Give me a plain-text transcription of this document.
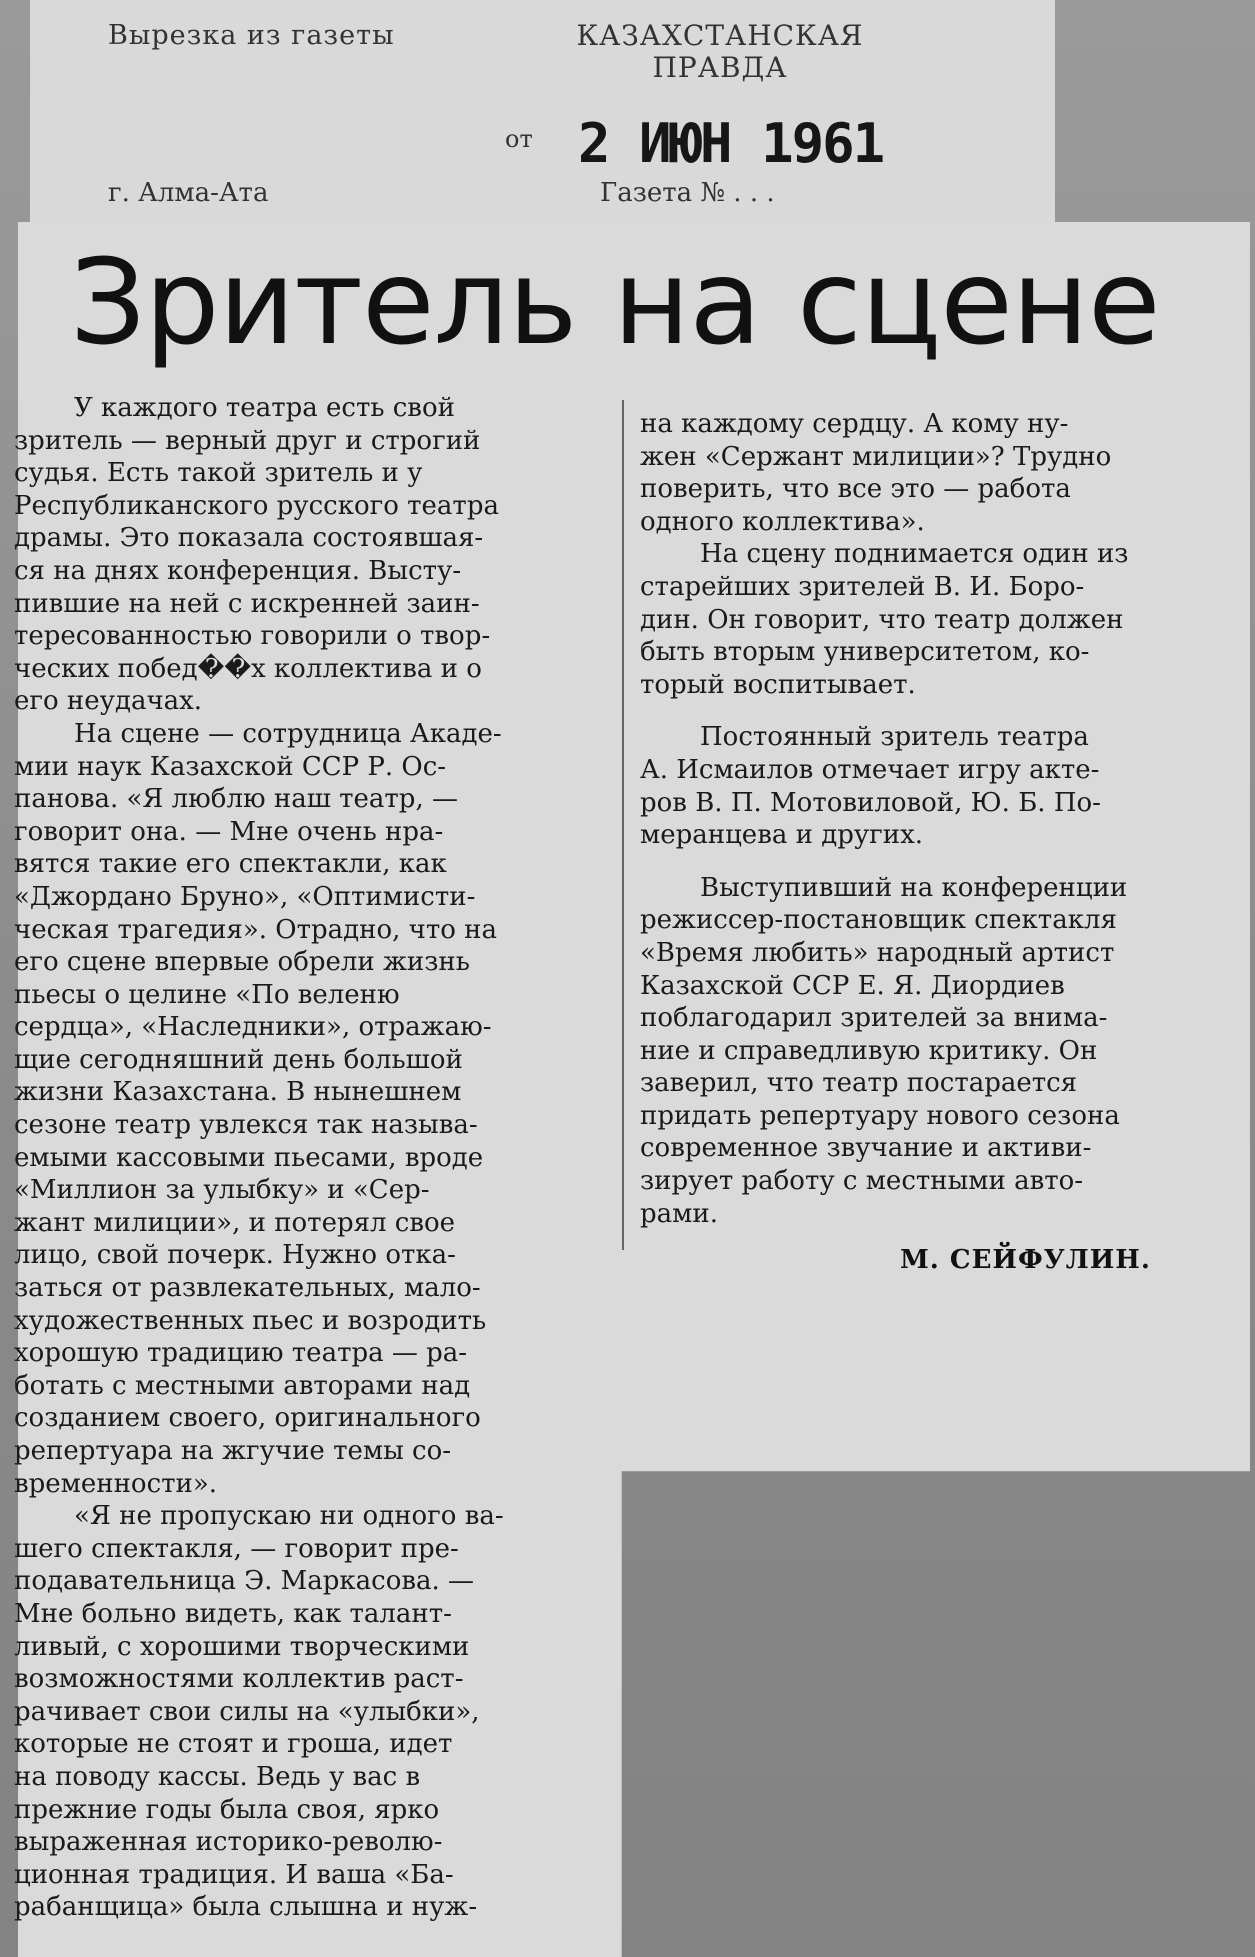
Вырезка из газеты	КАЗАХСТАНСКАЯ
ПРАВДА
от 2 ИЮН 1961
г. Алма-Ата	Газета № . . .
Зритель на сцене

У каждого театра есть свой
зритель — верный друг и строгий
судья. Есть такой зритель и у
Республиканского русского театра
драмы. Это показала состоявшая-
ся на днях конференция. Высту-
пившие на ней с искренней заин-
тересованностью говорили о твор-
ческих побед��х коллектива и о
его неудачах.

На сцене — сотрудница Акаде-
мии наук Казахской ССР Р. Ос-
панова. «Я люблю наш театр, —
говорит она. — Мне очень нра-
вятся такие его спектакли, как
«Джордано Бруно», «Оптимисти-
ческая трагедия». Отрадно, что на
его сцене впервые обрели жизнь
пьесы о целине «По веленю
сердца», «Наследники», отражаю-
щие сегодняшний день большой
жизни Казахстана. В нынешнем
сезоне театр увлекся так называ-
емыми кассовыми пьесами, вроде
«Миллион за улыбку» и «Сер-
жант милиции», и потерял свое
лицо, свой почерк. Нужно отка-
заться от развлекательных, мало-
художественных пьес и возродить
хорошую традицию театра — ра-
ботать с местными авторами над
созданием своего, оригинального
репертуара на жгучие темы со-
временности».

«Я не пропускаю ни одного ва-
шего спектакля, — говорит пре-
подавательница Э. Маркасова. —
Мне больно видеть, как талант-
ливый, с хорошими творческими
возможностями коллектив раст-
рачивает свои силы на «улыбки»,
которые не стоят и гроша, идет
на поводу кассы. Ведь у вас в
прежние годы была своя, ярко
выраженная историко-револю-
ционная традиция. И ваша «Ба-
рабанщица» была слышна и нуж-

на каждому сердцу. А кому ну-
жен «Сержант милиции»? Трудно
поверить, что все это — работа
одного коллектива».

На сцену поднимается один из
старейших зрителей В. И. Боро-
дин. Он говорит, что театр должен
быть вторым университетом, ко-
торый воспитывает.

Постоянный зритель театра
А. Исмаилов отмечает игру акте-
ров В. П. Мотовиловой, Ю. Б. По-
меранцева и других.

Выступивший на конференции
режиссер-постановщик спектакля
«Время любить» народный артист
Казахской ССР Е. Я. Диордиев
поблагодарил зрителей за внима-
ние и справедливую критику. Он
заверил, что театр постарается
придать репертуару нового сезона
современное звучание и активи-
зирует работу с местными авто-
рами.

М. СЕЙФУЛИН.
